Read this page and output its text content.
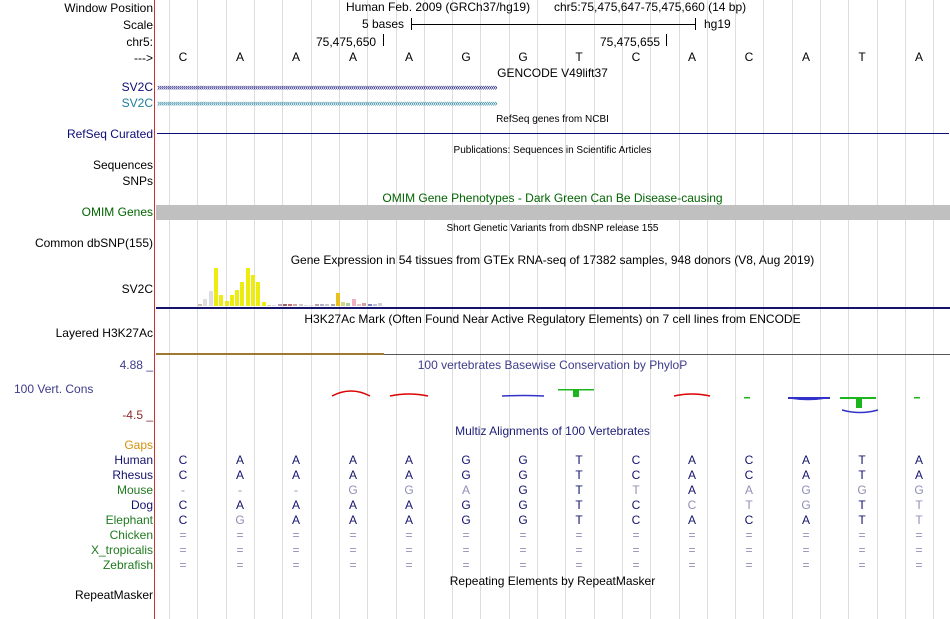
Window Position
Scale
chr5:
--->
Human Feb. 2009 (GRCh37/hg19) chr5:75,475,647-75,475,660 (14 bp)
5 bases	hg19
75,475,650	75,475,655
C	A	A	A	A	G	G	T	C	A	C	A	T	A
GENCODE V49lift37
SV2C ››››››››››››››››››››››››››››››››››››››››››››››››››››››››››››››››››››››››››››››››››››››››››››››››››››››››››››››››››››››››››››››››››››››››››››››››››››››››››››››››››››››››››
SV2C ››››››››››››››››››››››››››››››››››››››››››››››››››››››››››››››››››››››››››››››››››››››››››››››››››››››››››››››››››››››››››››››››››››››››››››››››››››››››››››››››››››››››››
RefSeq genes from NCBI
RefSeq Curated
Publications: Sequences in Scientific Articles
Sequences
SNPs
OMIM Gene Phenotypes - Dark Green Can Be Disease-causing
OMIM Genes
Short Genetic Variants from dbSNP release 155
Common dbSNP(155)
Gene Expression in 54 tissues from GTEx RNA-seq of 17382 samples, 948 donors (V8, Aug 2019)
SV2C
H3K27Ac Mark (Often Found Near Active Regulatory Elements) on 7 cell lines from ENCODE
Layered H3K27Ac
100 vertebrates Basewise Conservation by PhyloP
4.88 _
100 Vert. Cons
-4.5 _
Multiz Alignments of 100 Vertebrates
Gaps
Human	C	A	A	A	A	G	G	T	C	A	C	A	T	A
Rhesus	C	A	A	A	A	G	G	T	C	A	C	A	T	A
Mouse	-	-	-	G	G	A	G	T	T	A	A	G	G	G
Dog	C	A	A	A	A	G	G	T	C	C	T	G	T	T
Elephant	C	G	A	A	A	G	G	T	C	A	C	A	T	T
Chicken	=	=	=	=	=	=	=	=	=	=	=	=	=	=
X_tropicalis	=	=	=	=	=	=	=	=	=	=	=	=	=	=
Zebrafish	=	=	=	=	=	=	=	=	=	=	=	=	=	=
Repeating Elements by RepeatMasker
RepeatMasker
